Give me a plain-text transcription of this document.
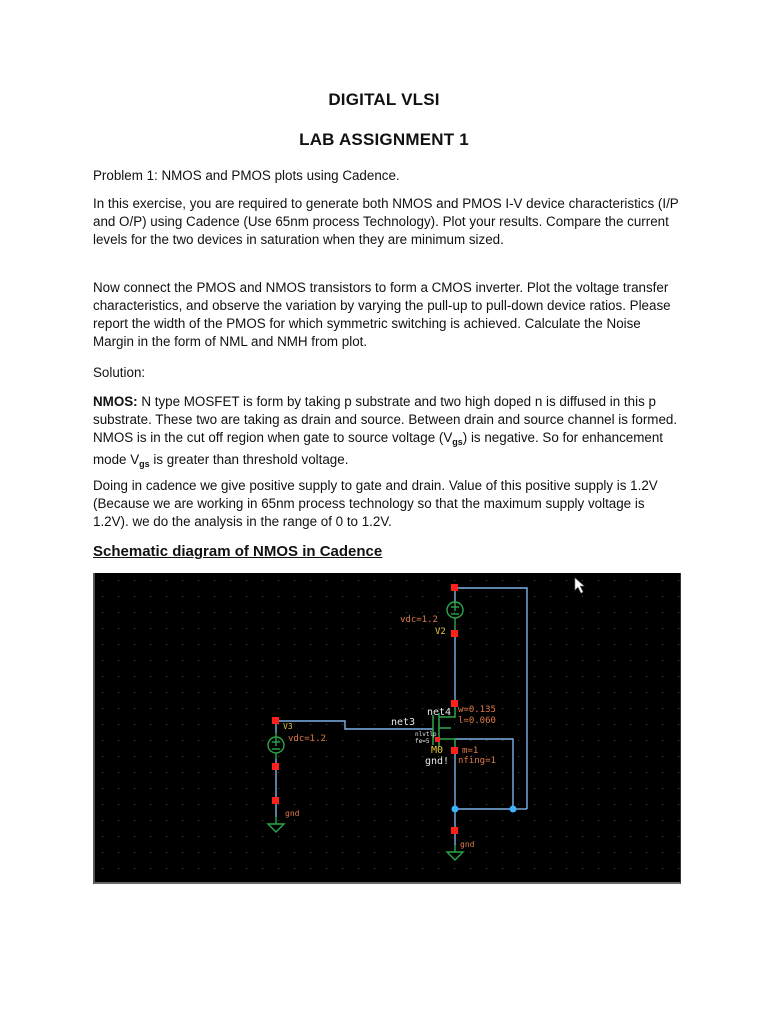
DIGITAL VLSI
LAB ASSIGNMENT 1

Problem 1: NMOS and PMOS plots using Cadence.

In this exercise, you are required to generate both NMOS and PMOS I-V device characteristics (I/P and O/P) using Cadence (Use 65nm process Technology). Plot your results. Compare the current levels for the two devices in saturation when they are minimum sized.

Now connect the PMOS and NMOS transistors to form a CMOS inverter. Plot the voltage transfer characteristics, and observe the variation by varying the pull-up to pull-down device ratios. Please report the width of the PMOS for which symmetric switching is achieved. Calculate the Noise Margin in the form of NML and NMH from plot.

Solution:

NMOS: N type MOSFET is form by taking p substrate and two high doped n is diffused in this p substrate. These two are taking as drain and source. Between drain and source channel is formed. NMOS is in the cut off region when gate to source voltage $(V_{gs})$ is negative. So for enhancement mode $V_{gs}$ is greater than threshold voltage.

Doing in cadence we give positive supply to gate and drain. Value of this positive supply is 1.2V (Because we are working in 65nm process technology so that the maximum supply voltage is 1.2V). we do the analysis in the range of 0 to 1.2V.

Schematic diagram of NMOS in Cadence
vdc=1.2
V2
V3
vdc=1.2
net4
net3
w=0.135
l=0.060
nlvtlp
fe=5
M0 m=1
gnd! nfing=1
gnd
gnd
